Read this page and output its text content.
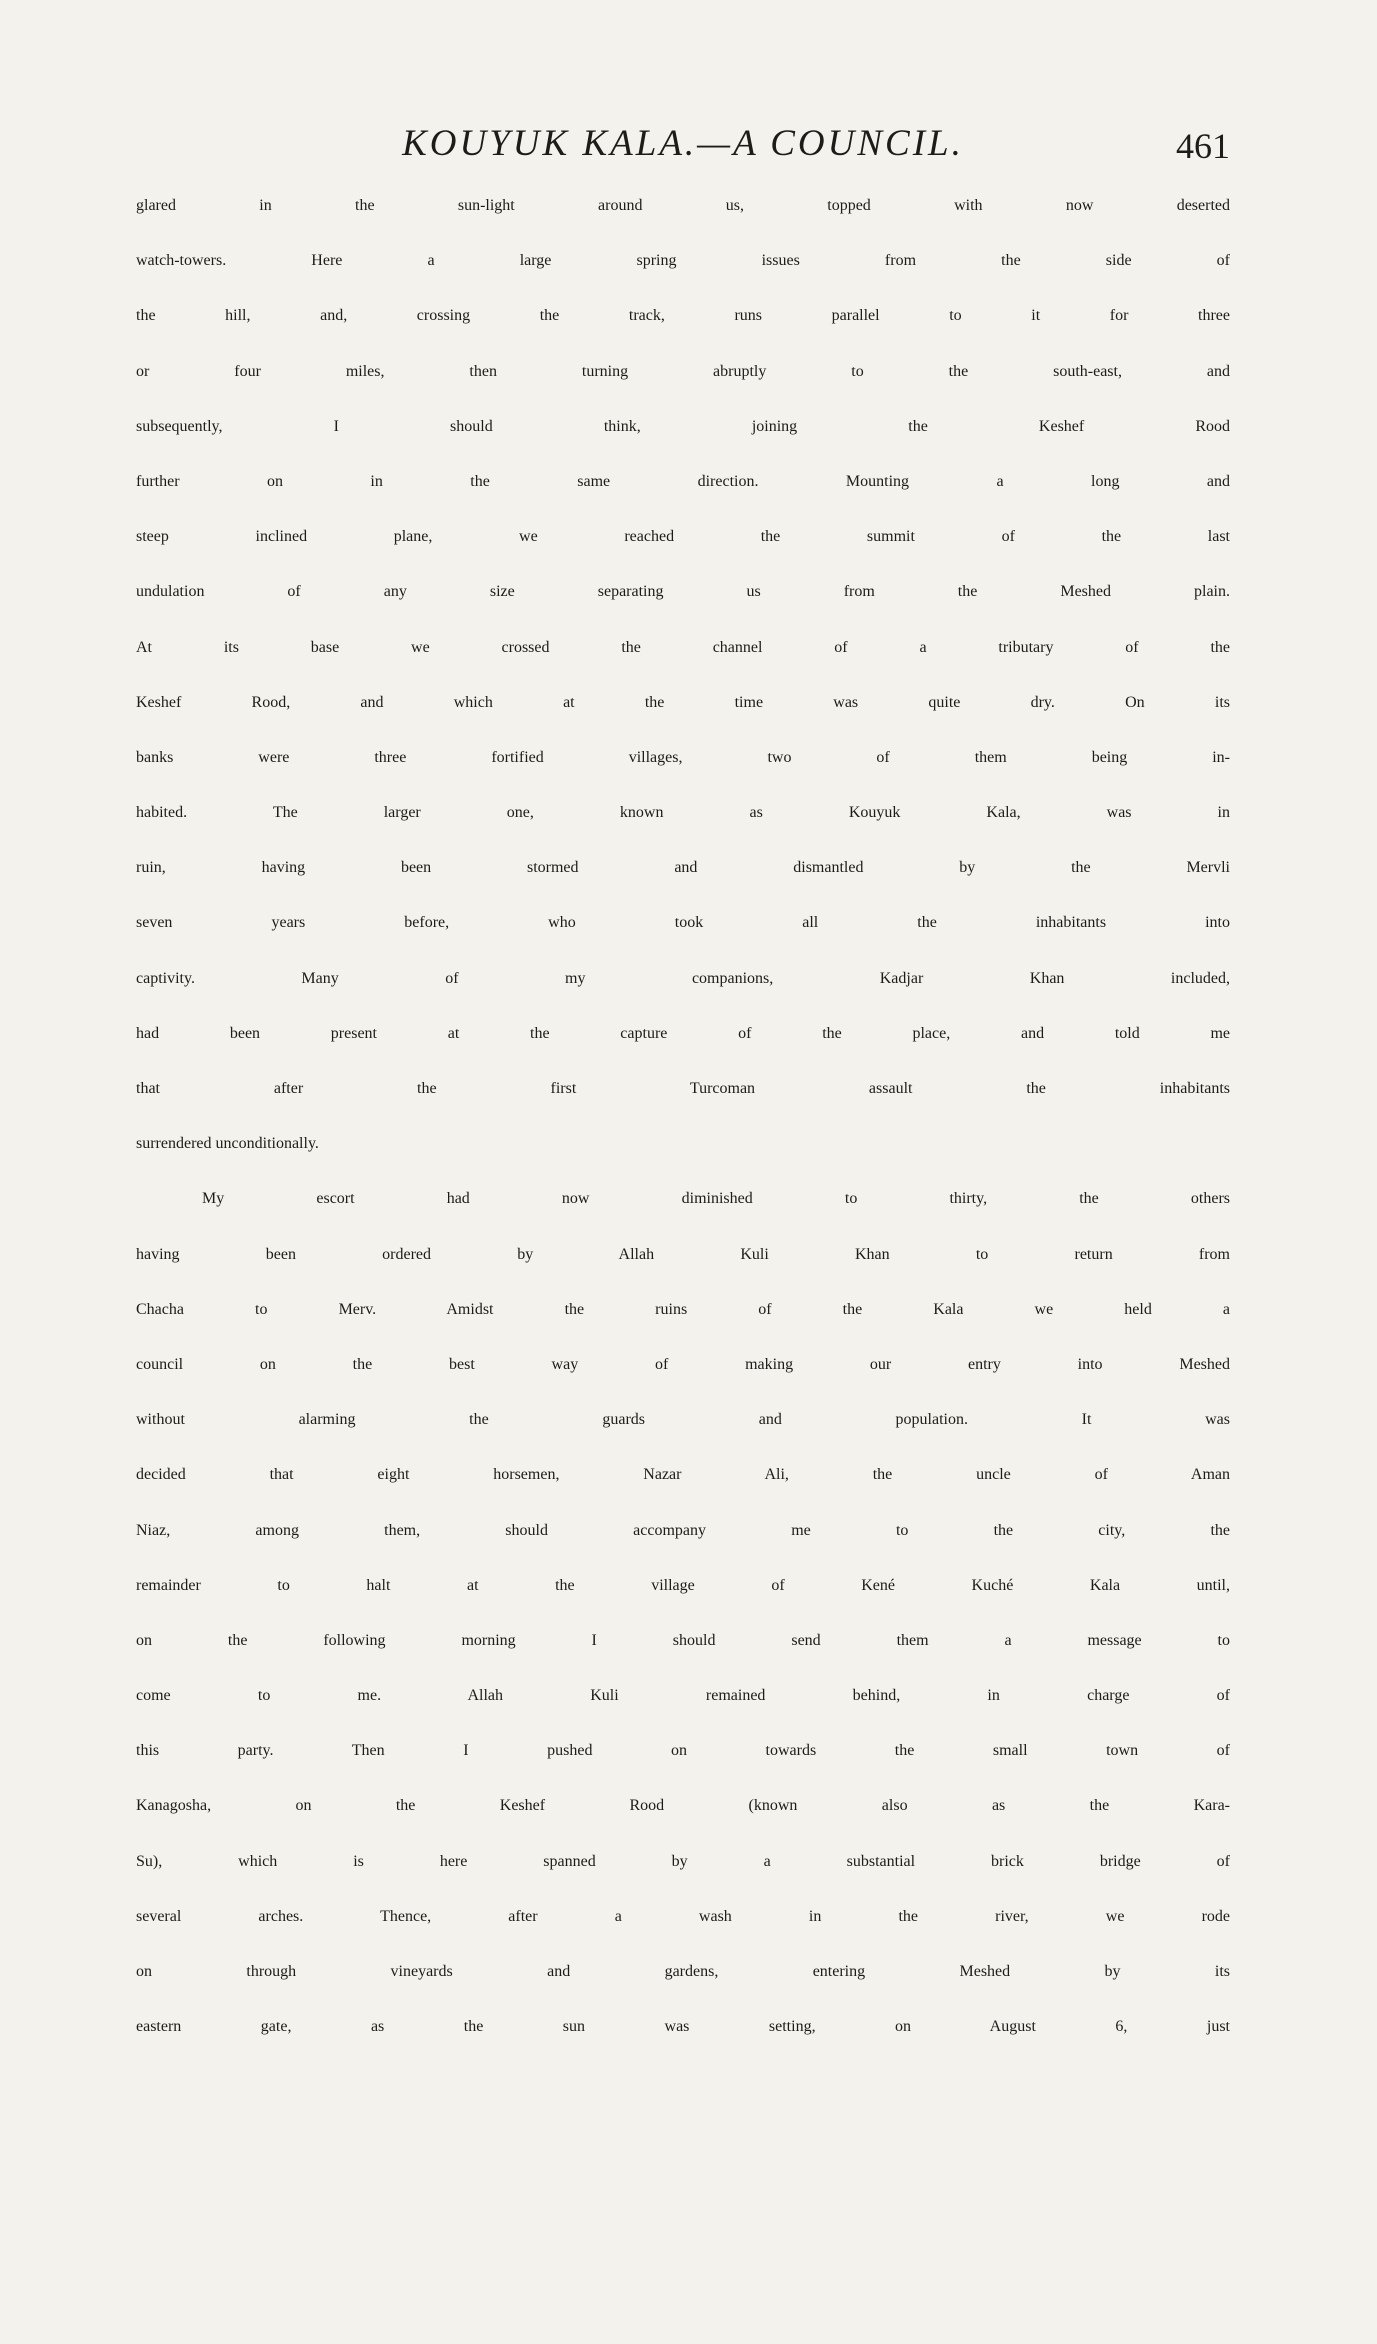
KOUYUK KALA.—A COUNCIL.	461
glared in the sun-light around us, topped with now deserted
watch-towers. Here a large spring issues from the side of
the hill, and, crossing the track, runs parallel to it for three
or four miles, then turning abruptly to the south-east, and
subsequently, I should think, joining the Keshef Rood
further on in the same direction. Mounting a long and
steep inclined plane, we reached the summit of the last
undulation of any size separating us from the Meshed plain.
At its base we crossed the channel of a tributary of the
Keshef Rood, and which at the time was quite dry. On its
banks were three fortified villages, two of them being in-
habited. The larger one, known as Kouyuk Kala, was in
ruin, having been stormed and dismantled by the Mervli
seven years before, who took all the inhabitants into
captivity. Many of my companions, Kadjar Khan included,
had been present at the capture of the place, and told me
that after the first Turcoman assault the inhabitants
surrendered unconditionally.
My escort had now diminished to thirty, the others
having been ordered by Allah Kuli Khan to return from
Chacha to Merv. Amidst the ruins of the Kala we held a
council on the best way of making our entry into Meshed
without alarming the guards and population. It was
decided that eight horsemen, Nazar Ali, the uncle of Aman
Niaz, among them, should accompany me to the city, the
remainder to halt at the village of Kené Kuché Kala until,
on the following morning I should send them a message to
come to me. Allah Kuli remained behind, in charge of
this party. Then I pushed on towards the small town of
Kanagosha, on the Keshef Rood (known also as the Kara-
Su), which is here spanned by a substantial brick bridge of
several arches. Thence, after a wash in the river, we rode
on through vineyards and gardens, entering Meshed by its
eastern gate, as the sun was setting, on August 6, just
